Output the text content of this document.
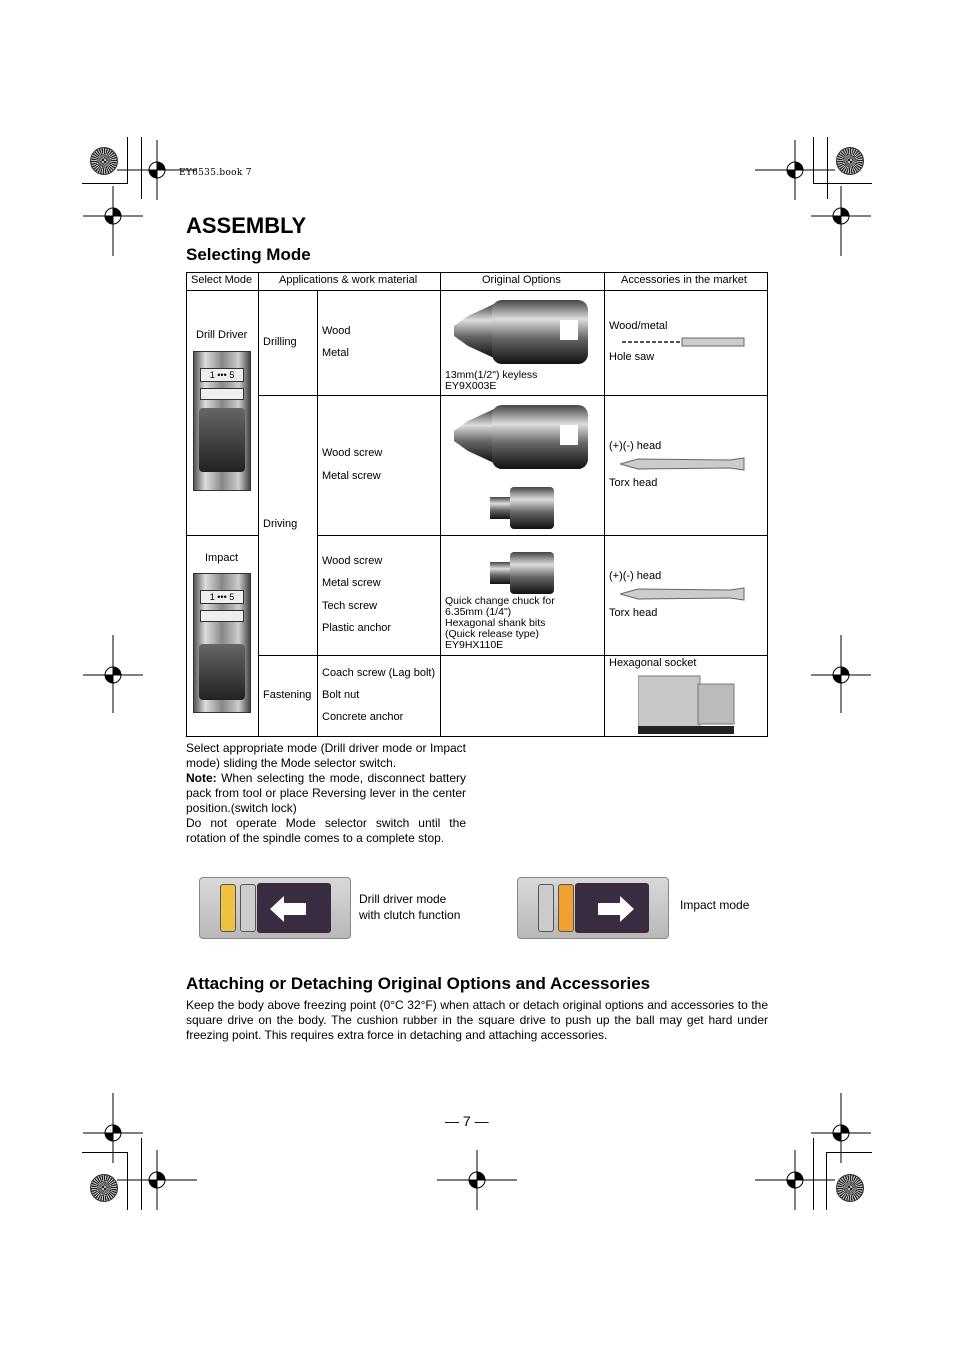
EY6535.book 7
ASSEMBLY
Selecting Mode
Select Mode Applications & work material	Original Options	Accessories in the market
Drill Driver
Impact
1 ••• 5
1 ••• 5
Drilling
Driving
Fastening
Wood
Metal
Wood screw
Metal screw
Wood screw
Metal screw
Tech screw
Plastic anchor
Coach screw (Lag bolt)
Bolt nut
Concrete anchor
13mm(1/2") keyless
EY9X003E
Quick change chuck for
6.35mm (1/4")
Hexagonal shank bits
(Quick release type)
EY9HX110E
Wood/metal
Hole saw
(+)(-) head
Torx head
(+)(-) head
Torx head
Hexagonal socket
Select appropriate mode (Drill driver mode or Impact mode) sliding the Mode selector switch.
Note: When selecting the mode, disconnect battery pack from tool or place Reversing lever in the center position.(switch lock)
Do not operate Mode selector switch until the rotation of the spindle comes to a complete stop.
Drill driver mode
with clutch function
Impact mode
Attaching or Detaching Original Options and Accessories
Keep the body above freezing point (0°C 32°F) when attach or detach original options and accessories to the square drive on the body. The cushion rubber in the square drive to push up the ball may get hard under freezing point. This requires extra force in detaching and attaching accessories.
— 7 —
